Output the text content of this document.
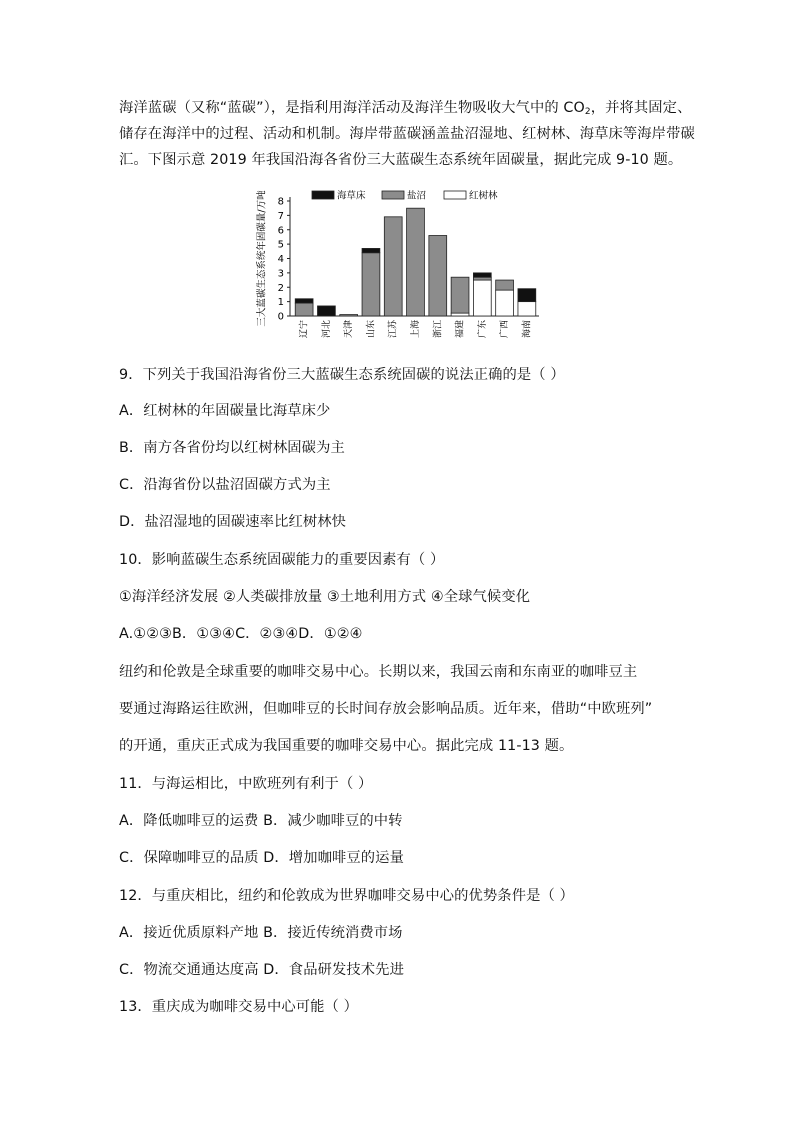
海洋蓝碳（又称“蓝碳”），是指利用海洋活动及海洋生物吸收大气中的 $CO_2$，并将其固定、
储存在海洋中的过程、活动和机制。海岸带蓝碳涵盖盐沼湿地、红树林、海草床等海岸带碳
汇。下图示意 2019 年我国沿海各省份三大蓝碳生态系统年固碳量，据此完成 9-10 题。
三大蓝碳生态系统年固碳量/万吨 0
1
2
3
4
5
6
7
8
辽宁 河北 天津 山东 江苏 上海 浙江 福建 广东 广西 海南
海草床	盐沼	红树林
9．下列关于我国沿海省份三大蓝碳生态系统固碳的说法正确的是（ ）
A．红树林的年固碳量比海草床少
B．南方各省份均以红树林固碳为主
C．沿海省份以盐沼固碳方式为主
D．盐沼湿地的固碳速率比红树林快
10．影响蓝碳生态系统固碳能力的重要因素有（ ）
①海洋经济发展 ②人类碳排放量 ③土地利用方式 ④全球气候变化
A.①②③B．①③④C．②③④D．①②④
纽约和伦敦是全球重要的咖啡交易中心。长期以来，我国云南和东南亚的咖啡豆主
要通过海路运往欧洲，但咖啡豆的长时间存放会影响品质。近年来，借助“中欧班列”
的开通，重庆正式成为我国重要的咖啡交易中心。据此完成 11-13 题。
11．与海运相比，中欧班列有利于（ ）
A．降低咖啡豆的运费 B．减少咖啡豆的中转
C．保障咖啡豆的品质 D．增加咖啡豆的运量
12．与重庆相比，纽约和伦敦成为世界咖啡交易中心的优势条件是（ ）
A．接近优质原料产地 B．接近传统消费市场
C．物流交通通达度高 D．食品研发技术先进
13．重庆成为咖啡交易中心可能（ ）
